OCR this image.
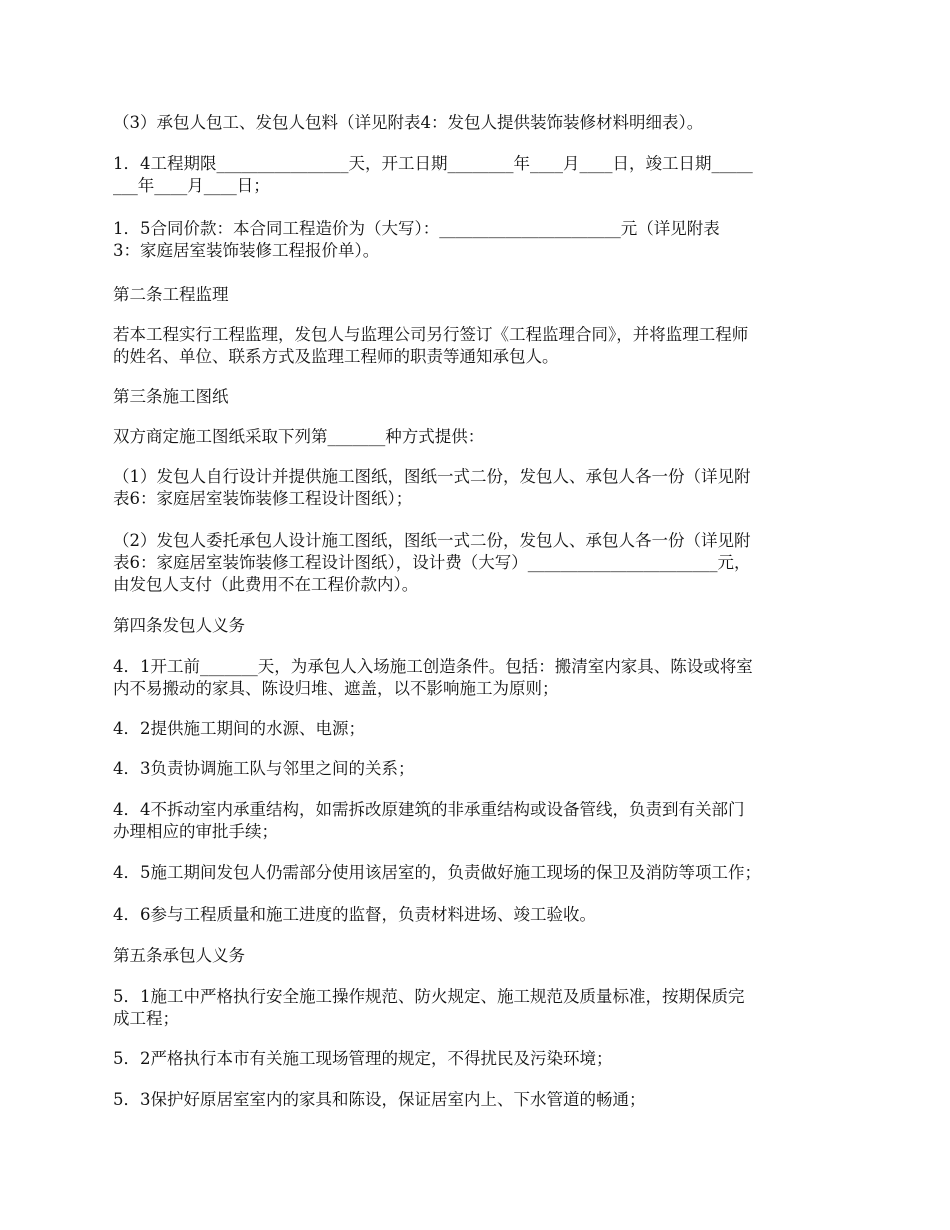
（3）承包人包工、发包人包料（详见附表4：发包人提供装饰装修材料明细表）。

1．4工程期限________________天，开工日期________年____月____日，竣工日期_____
___年____月____日；

1．5合同价款：本合同工程造价为（大写）：______________________元（详见附表
3：家庭居室装饰装修工程报价单）。

第二条工程监理

若本工程实行工程监理，发包人与监理公司另行签订《工程监理合同》，并将监理工程师
的姓名、单位、联系方式及监理工程师的职责等通知承包人。

第三条施工图纸

双方商定施工图纸采取下列第_______种方式提供：

（1）发包人自行设计并提供施工图纸，图纸一式二份，发包人、承包人各一份（详见附
表6：家庭居室装饰装修工程设计图纸）；

（2）发包人委托承包人设计施工图纸，图纸一式二份，发包人、承包人各一份（详见附
表6：家庭居室装饰装修工程设计图纸），设计费（大写）_______________________元，
由发包人支付（此费用不在工程价款内）。

第四条发包人义务

4．1开工前_______天，为承包人入场施工创造条件。包括：搬清室内家具、陈设或将室
内不易搬动的家具、陈设归堆、遮盖，以不影响施工为原则；

4．2提供施工期间的水源、电源；

4．3负责协调施工队与邻里之间的关系；

4．4不拆动室内承重结构，如需拆改原建筑的非承重结构或设备管线，负责到有关部门
办理相应的审批手续；

4．5施工期间发包人仍需部分使用该居室的，负责做好施工现场的保卫及消防等项工作；

4．6参与工程质量和施工进度的监督，负责材料进场、竣工验收。

第五条承包人义务

5．1施工中严格执行安全施工操作规范、防火规定、施工规范及质量标准，按期保质完
成工程；

5．2严格执行本市有关施工现场管理的规定，不得扰民及污染环境；

5．3保护好原居室室内的家具和陈设，保证居室内上、下水管道的畅通；
